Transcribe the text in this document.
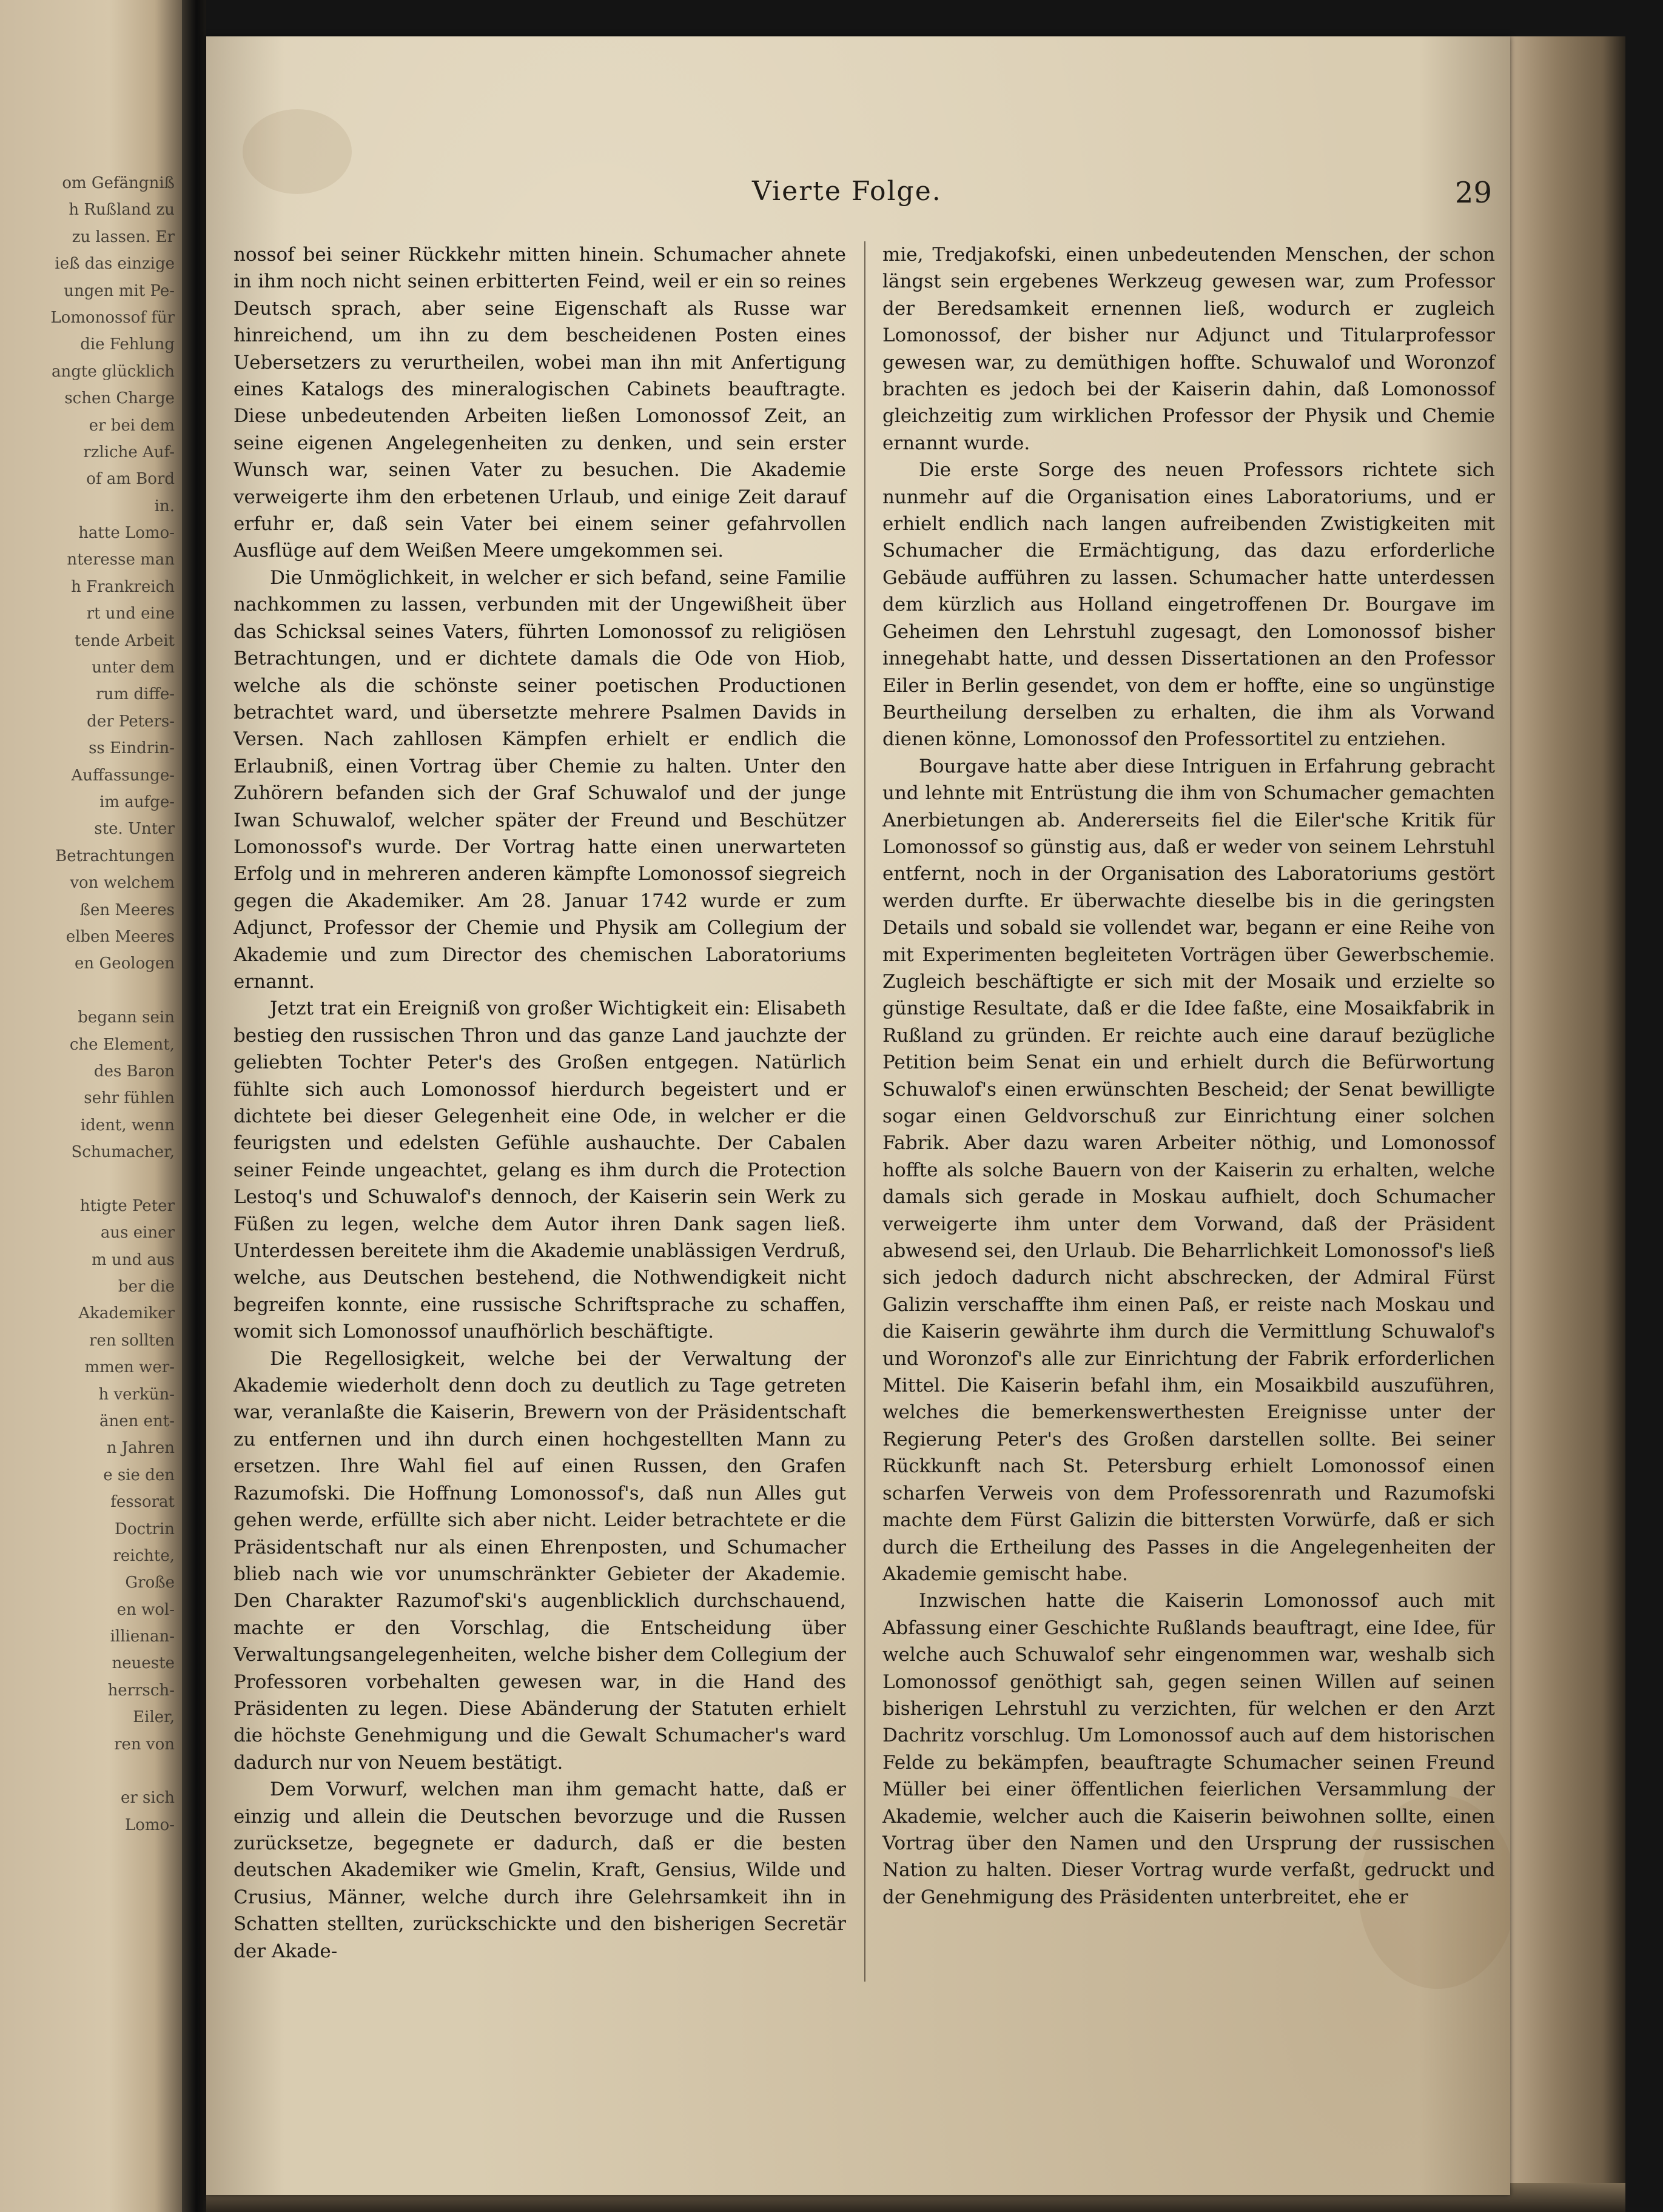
om Gefängniß
h Rußland zu
zu lassen. Er
ieß das einzige
ungen mit Pe-
Lomonossof für
die Fehlung
angte glücklich
schen Charge
er bei dem
rzliche Auf-
of am Bord
in.
hatte Lomo-
nteresse man
h Frankreich
rt und eine
tende Arbeit
unter dem
rum diffe-
der Peters-
ss Eindrin-
Auffassunge-
im aufge-
ste. Unter
Betrachtungen
von welchem
ßen Meeres
elben Meeres
en Geologen
begann sein
che Element,
des Baron
sehr fühlen
ident, wenn
Schumacher,
htigte Peter
aus einer
m und aus
ber die
Akademiker
ren sollten
mmen wer-
h verkün-
änen ent-
n Jahren
e sie den
fessorat
Doctrin
reichte,
Große
en wol-
illienan-
neueste
herrsch-
Eiler,
ren von
er sich
Lomo-
Vierte Folge.	29

nossof bei seiner Rückkehr mitten hinein. Schumacher ahnete in ihm noch nicht seinen erbitterten Feind, weil er ein so reines Deutsch sprach, aber seine Eigenschaft als Russe war hinreichend, um ihn zu dem bescheidenen Posten eines Uebersetzers zu verurtheilen, wobei man ihn mit Anfertigung eines Katalogs des mineralogischen Cabinets beauftragte. Diese unbedeutenden Arbeiten ließen Lomonossof Zeit, an seine eigenen Angelegenheiten zu denken, und sein erster Wunsch war, seinen Vater zu besuchen. Die Akademie verweigerte ihm den erbetenen Urlaub, und einige Zeit darauf erfuhr er, daß sein Vater bei einem seiner gefahrvollen Ausflüge auf dem Weißen Meere umgekommen sei.

Die Unmöglichkeit, in welcher er sich befand, seine Familie nachkommen zu lassen, verbunden mit der Ungewißheit über das Schicksal seines Vaters, führten Lomonossof zu religiösen Betrachtungen, und er dichtete damals die Ode von Hiob, welche als die schönste seiner poetischen Productionen betrachtet ward, und übersetzte mehrere Psalmen Davids in Versen. Nach zahllosen Kämpfen erhielt er endlich die Erlaubniß, einen Vortrag über Chemie zu halten. Unter den Zuhörern befanden sich der Graf Schuwalof und der junge Iwan Schuwalof, welcher später der Freund und Beschützer Lomonossof's wurde. Der Vortrag hatte einen unerwarteten Erfolg und in mehreren anderen kämpfte Lomonossof siegreich gegen die Akademiker. Am 28. Januar 1742 wurde er zum Adjunct, Professor der Chemie und Physik am Collegium der Akademie und zum Director des chemischen Laboratoriums ernannt.

Jetzt trat ein Ereigniß von großer Wichtigkeit ein: Elisabeth bestieg den russischen Thron und das ganze Land jauchzte der geliebten Tochter Peter's des Großen entgegen. Natürlich fühlte sich auch Lomonossof hierdurch begeistert und er dichtete bei dieser Gelegenheit eine Ode, in welcher er die feurigsten und edelsten Gefühle aushauchte. Der Cabalen seiner Feinde ungeachtet, gelang es ihm durch die Protection Lestoq's und Schuwalof's dennoch, der Kaiserin sein Werk zu Füßen zu legen, welche dem Autor ihren Dank sagen ließ. Unterdessen bereitete ihm die Akademie unablässigen Verdruß, welche, aus Deutschen bestehend, die Nothwendigkeit nicht begreifen konnte, eine russische Schriftsprache zu schaffen, womit sich Lomonossof unaufhörlich beschäftigte.

Die Regellosigkeit, welche bei der Verwaltung der Akademie wiederholt denn doch zu deutlich zu Tage getreten war, veranlaßte die Kaiserin, Brewern von der Präsidentschaft zu entfernen und ihn durch einen hochgestellten Mann zu ersetzen. Ihre Wahl fiel auf einen Russen, den Grafen Razumofski. Die Hoffnung Lomonossof's, daß nun Alles gut gehen werde, erfüllte sich aber nicht. Leider betrachtete er die Präsidentschaft nur als einen Ehrenposten, und Schumacher blieb nach wie vor unumschränkter Gebieter der Akademie. Den Charakter Razumof'ski's augenblicklich durchschauend, machte er den Vorschlag, die Entscheidung über Verwaltungsangelegenheiten, welche bisher dem Collegium der Professoren vorbehalten gewesen war, in die Hand des Präsidenten zu legen. Diese Abänderung der Statuten erhielt die höchste Genehmigung und die Gewalt Schumacher's ward dadurch nur von Neuem bestätigt.

Dem Vorwurf, welchen man ihm gemacht hatte, daß er einzig und allein die Deutschen bevorzuge und die Russen zurücksetze, begegnete er dadurch, daß er die besten deutschen Akademiker wie Gmelin, Kraft, Gensius, Wilde und Crusius, Männer, welche durch ihre Gelehrsamkeit ihn in Schatten stellten, zurückschickte und den bisherigen Secretär der Akade-

mie, Tredjakofski, einen unbedeutenden Menschen, der schon längst sein ergebenes Werkzeug gewesen war, zum Professor der Beredsamkeit ernennen ließ, wodurch er zugleich Lomonossof, der bisher nur Adjunct und Titularprofessor gewesen war, zu demüthigen hoffte. Schuwalof und Woronzof brachten es jedoch bei der Kaiserin dahin, daß Lomonossof gleichzeitig zum wirklichen Professor der Physik und Chemie ernannt wurde.

Die erste Sorge des neuen Professors richtete sich nunmehr auf die Organisation eines Laboratoriums, und er erhielt endlich nach langen aufreibenden Zwistigkeiten mit Schumacher die Ermächtigung, das dazu erforderliche Gebäude aufführen zu lassen. Schumacher hatte unterdessen dem kürzlich aus Holland eingetroffenen Dr. Bourgave im Geheimen den Lehrstuhl zugesagt, den Lomonossof bisher innegehabt hatte, und dessen Dissertationen an den Professor Eiler in Berlin gesendet, von dem er hoffte, eine so ungünstige Beurtheilung derselben zu erhalten, die ihm als Vorwand dienen könne, Lomonossof den Professortitel zu entziehen.

Bourgave hatte aber diese Intriguen in Erfahrung gebracht und lehnte mit Entrüstung die ihm von Schumacher gemachten Anerbietungen ab. Andererseits fiel die Eiler'sche Kritik für Lomonossof so günstig aus, daß er weder von seinem Lehrstuhl entfernt, noch in der Organisation des Laboratoriums gestört werden durfte. Er überwachte dieselbe bis in die geringsten Details und sobald sie vollendet war, begann er eine Reihe von mit Experimenten begleiteten Vorträgen über Gewerbschemie. Zugleich beschäftigte er sich mit der Mosaik und erzielte so günstige Resultate, daß er die Idee faßte, eine Mosaikfabrik in Rußland zu gründen. Er reichte auch eine darauf bezügliche Petition beim Senat ein und erhielt durch die Befürwortung Schuwalof's einen erwünschten Bescheid; der Senat bewilligte sogar einen Geldvorschuß zur Einrichtung einer solchen Fabrik. Aber dazu waren Arbeiter nöthig, und Lomonossof hoffte als solche Bauern von der Kaiserin zu erhalten, welche damals sich gerade in Moskau aufhielt, doch Schumacher verweigerte ihm unter dem Vorwand, daß der Präsident abwesend sei, den Urlaub. Die Beharrlichkeit Lomonossof's ließ sich jedoch dadurch nicht abschrecken, der Admiral Fürst Galizin verschaffte ihm einen Paß, er reiste nach Moskau und die Kaiserin gewährte ihm durch die Vermittlung Schuwalof's und Woronzof's alle zur Einrichtung der Fabrik erforderlichen Mittel. Die Kaiserin befahl ihm, ein Mosaikbild auszuführen, welches die bemerkenswerthesten Ereignisse unter der Regierung Peter's des Großen darstellen sollte. Bei seiner Rückkunft nach St. Petersburg erhielt Lomonossof einen scharfen Verweis von dem Professorenrath und Razumofski machte dem Fürst Galizin die bittersten Vorwürfe, daß er sich durch die Ertheilung des Passes in die Angelegenheiten der Akademie gemischt habe.

Inzwischen hatte die Kaiserin Lomonossof auch mit Abfassung einer Geschichte Rußlands beauftragt, eine Idee, für welche auch Schuwalof sehr eingenommen war, weshalb sich Lomonossof genöthigt sah, gegen seinen Willen auf seinen bisherigen Lehrstuhl zu verzichten, für welchen er den Arzt Dachritz vorschlug. Um Lomonossof auch auf dem historischen Felde zu bekämpfen, beauftragte Schumacher seinen Freund Müller bei einer öffentlichen feierlichen Versammlung der Akademie, welcher auch die Kaiserin beiwohnen sollte, einen Vortrag über den Namen und den Ursprung der russischen Nation zu halten. Dieser Vortrag wurde verfaßt, gedruckt und der Genehmigung des Präsidenten unterbreitet, ehe er
